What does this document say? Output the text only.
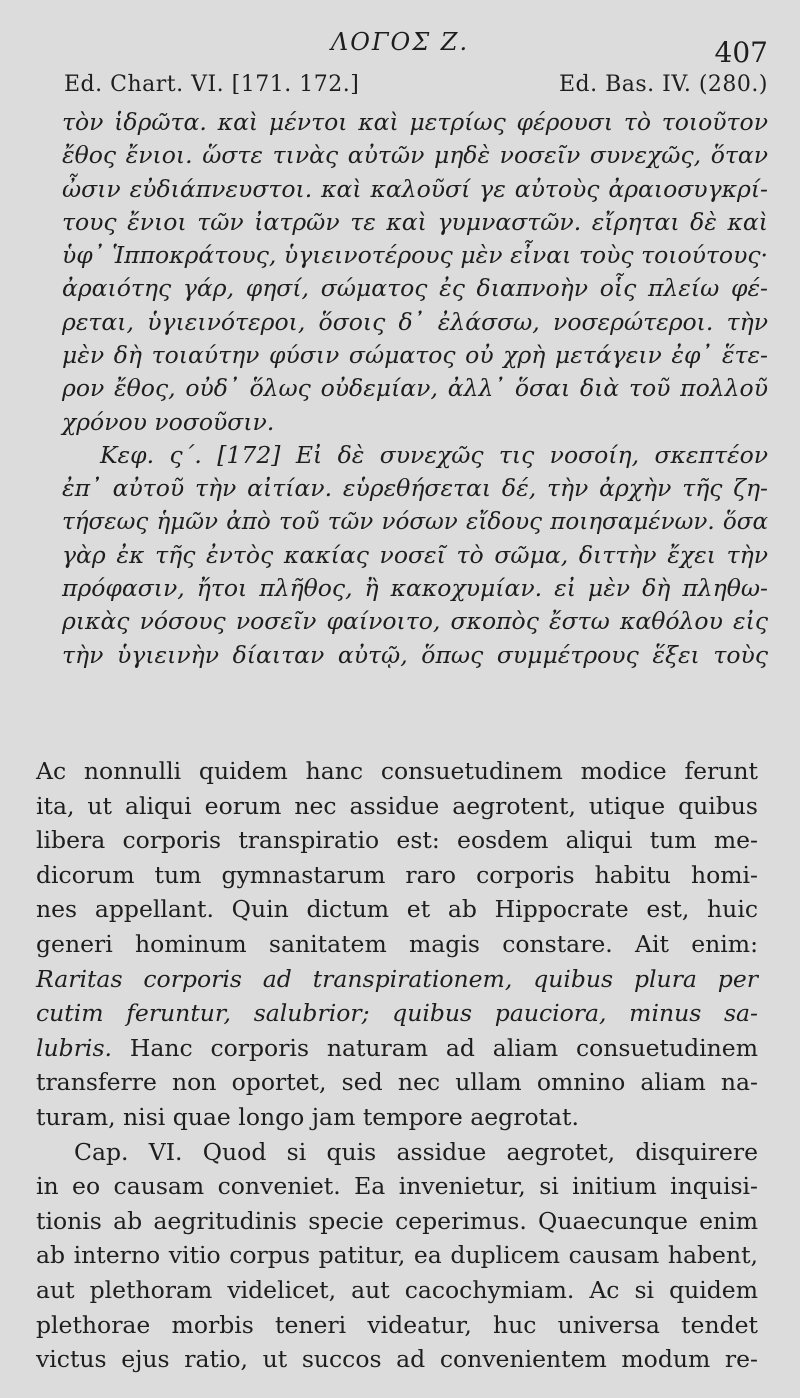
ΛΟΓΟΣ Ζ.	407
Ed. Chart. VI. [171. 172.]	Ed. Bas. IV. (280.)
τὸν ἱδρῶτα. καὶ μέντοι καὶ μετρίως φέρουσι τὸ τοιοῦτον
ἔθος ἔνιοι. ὥστε τινὰς αὐτῶν μηδὲ νοσεῖν συνεχῶς, ὅταν
ὦσιν εὐδιάπνευστοι. καὶ καλοῦσί γε αὐτοὺς ἀραιοσυγκρί-
τους ἔνιοι τῶν ἰατρῶν τε καὶ γυμναστῶν. εἴρηται δὲ καὶ
ὑφ᾽ Ἱπποκράτους, ὑγιεινοτέρους μὲν εἶναι τοὺς τοιούτους·
ἀραιότης γάρ, φησί, σώματος ἐς διαπνοὴν οἷς πλείω φέ-
ρεται, ὑγιεινότεροι, ὅσοις δ᾽ ἐλάσσω, νοσερώτεροι. τὴν
μὲν δὴ τοιαύτην φύσιν σώματος οὐ χρὴ μετάγειν ἐφ᾽ ἕτε-
ρον ἔθος, οὐδ᾽ ὅλως οὐδεμίαν, ἀλλ᾽ ὅσαι διὰ τοῦ πολλοῦ
χρόνου νοσοῦσιν.
Κεφ. ς΄. [172] Εἰ δὲ συνεχῶς τις νοσοίη, σκεπτέον
ἐπ᾽ αὐτοῦ τὴν αἰτίαν. εὑρεθήσεται δέ, τὴν ἀρχὴν τῆς ζη-
τήσεως ἡμῶν ἀπὸ τοῦ τῶν νόσων εἴδους ποιησαμένων. ὅσα
γὰρ ἐκ τῆς ἐντὸς κακίας νοσεῖ τὸ σῶμα, διττὴν ἔχει τὴν
πρόφασιν, ἤτοι πλῆθος, ἢ κακοχυμίαν. εἰ μὲν δὴ πληθω-
ρικὰς νόσους νοσεῖν φαίνοιτο, σκοπὸς ἔστω καθόλου εἰς
τὴν ὑγιεινὴν δίαιταν αὐτῷ, ὅπως συμμέτρους ἕξει τοὺς
Ac nonnulli quidem hanc consuetudinem modice ferunt
ita, ut aliqui eorum nec assidue aegrotent, utique quibus
libera corporis transpiratio est: eosdem aliqui tum me-
dicorum tum gymnastarum raro corporis habitu homi-
nes appellant. Quin dictum et ab Hippocrate est, huic
generi hominum sanitatem magis constare. Ait enim:
Raritas corporis ad transpirationem, quibus plura per
cutim feruntur, salubrior; quibus pauciora, minus sa-
lubris. Hanc corporis naturam ad aliam consuetudinem
transferre non oportet, sed nec ullam omnino aliam na-
turam, nisi quae longo jam tempore aegrotat.
Cap. VI. Quod si quis assidue aegrotet, disquirere
in eo causam conveniet. Ea invenietur, si initium inquisi-
tionis ab aegritudinis specie ceperimus. Quaecunque enim
ab interno vitio corpus patitur, ea duplicem causam habent,
aut plethoram videlicet, aut cacochymiam. Ac si quidem
plethorae morbis teneri videatur, huc universa tendet
victus ejus ratio, ut succos ad convenientem modum re-
